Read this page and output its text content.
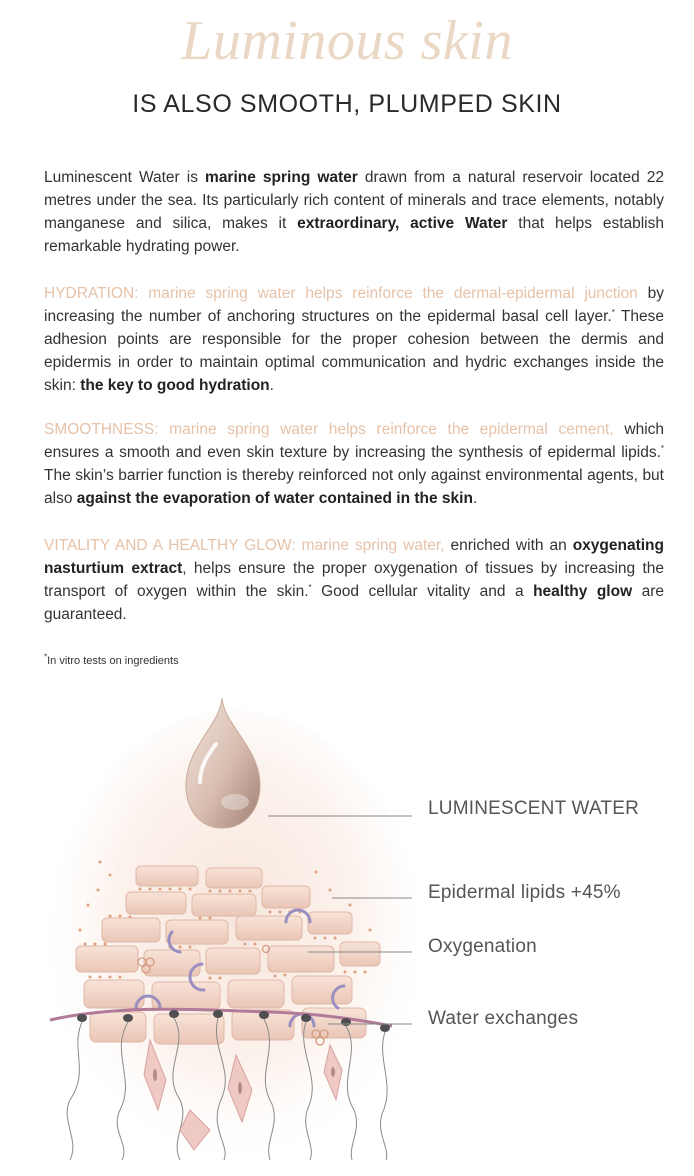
Luminous skin
IS ALSO SMOOTH, PLUMPED SKIN

Luminescent Water is marine spring water drawn from a natural reservoir located 22 metres under the sea. Its particularly rich content of minerals and trace elements, notably manganese and silica, makes it extraordinary, active Water that helps establish remarkable hydrating power.

HYDRATION: marine spring water helps reinforce the dermal-epidermal junction by increasing the number of anchoring structures on the epidermal basal cell layer.* These adhesion points are responsible for the proper cohesion between the dermis and epidermis in order to maintain optimal communication and hydric exchanges inside the skin: the key to good hydration.

SMOOTHNESS: marine spring water helps reinforce the epidermal cement, which ensures a smooth and even skin texture by increasing the synthesis of epidermal lipids.* The skin’s barrier function is thereby reinforced not only against environmental agents, but also against the evaporation of water contained in the skin.

VITALITY AND A HEALTHY GLOW: marine spring water, enriched with an oxygenating nasturtium extract, helps ensure the proper oxygenation of tissues by increasing the transport of oxygen within the skin.* Good cellular vitality and a healthy glow are guaranteed.

*In vitro tests on ingredients
LUMINESCENT WATER
Epidermal lipids +45%
Oxygenation
Water exchanges
